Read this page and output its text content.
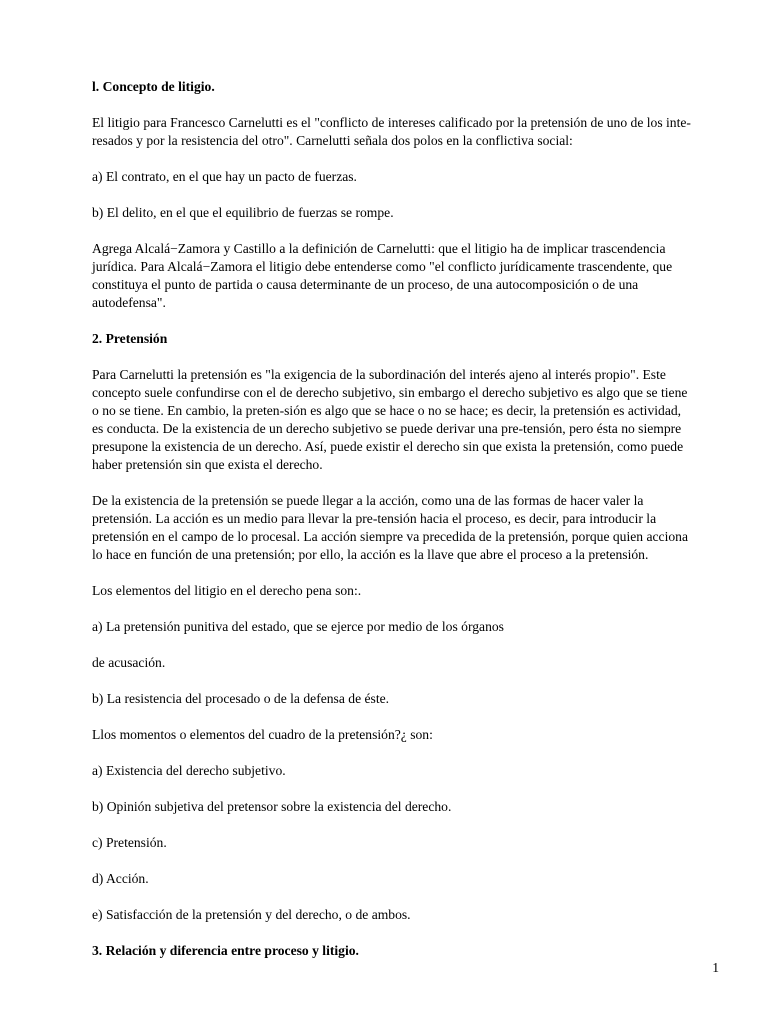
l. Concepto de litigio.

El litigio para Francesco Carnelutti es el "conflicto de intereses calificado por la pretensión de uno de los inte-resados y por la resistencia del otro". Carnelutti señala dos polos en la conflictiva social:

a) El contrato, en el que hay un pacto de fuerzas.

b) El delito, en el que el equilibrio de fuerzas se rompe.

Agrega Alcalá−Zamora y Castillo a la definición de Carnelutti: que el litigio ha de implicar trascendencia jurídica. Para Alcalá−Zamora el litigio debe entenderse como "el conflicto jurídicamente trascendente, que constituya el punto de partida o causa determinante de un proceso, de una autocomposición o de una autodefensa".

2. Pretensión

Para Carnelutti la pretensión es "la exigencia de la subordinación del interés ajeno al interés propio". Este concepto suele confundirse con el de derecho subjetivo, sin embargo el derecho subjetivo es algo que se tiene o no se tiene. En cambio, la preten-sión es algo que se hace o no se hace; es decir, la pretensión es actividad, es conducta. De la existencia de un derecho subjetivo se puede derivar una pre-tensión, pero ésta no siempre presupone la existencia de un derecho. Así, puede existir el derecho sin que exista la pretensión, como puede haber pretensión sin que exista el derecho.

De la existencia de la pretensión se puede llegar a la acción, como una de las formas de hacer valer la pretensión. La acción es un medio para llevar la pre-tensión hacia el proceso, es decir, para introducir la pretensión en el campo de lo procesal. La acción siempre va precedida de la pretensión, porque quien acciona lo hace en función de una pretensión; por ello, la acción es la llave que abre el proceso a la pretensión.

Los elementos del litigio en el derecho pena son:.

a) La pretensión punitiva del estado, que se ejerce por medio de los órganos

de acusación.

b) La resistencia del procesado o de la defensa de éste.

Llos momentos o elementos del cuadro de la pretensión?¿ son:

a) Existencia del derecho subjetivo.

b) Opinión subjetiva del pretensor sobre la existencia del derecho.

c) Pretensión.

d) Acción.

e) Satisfacción de la pretensión y del derecho, o de ambos.

3. Relación y diferencia entre proceso y litigio.
1
